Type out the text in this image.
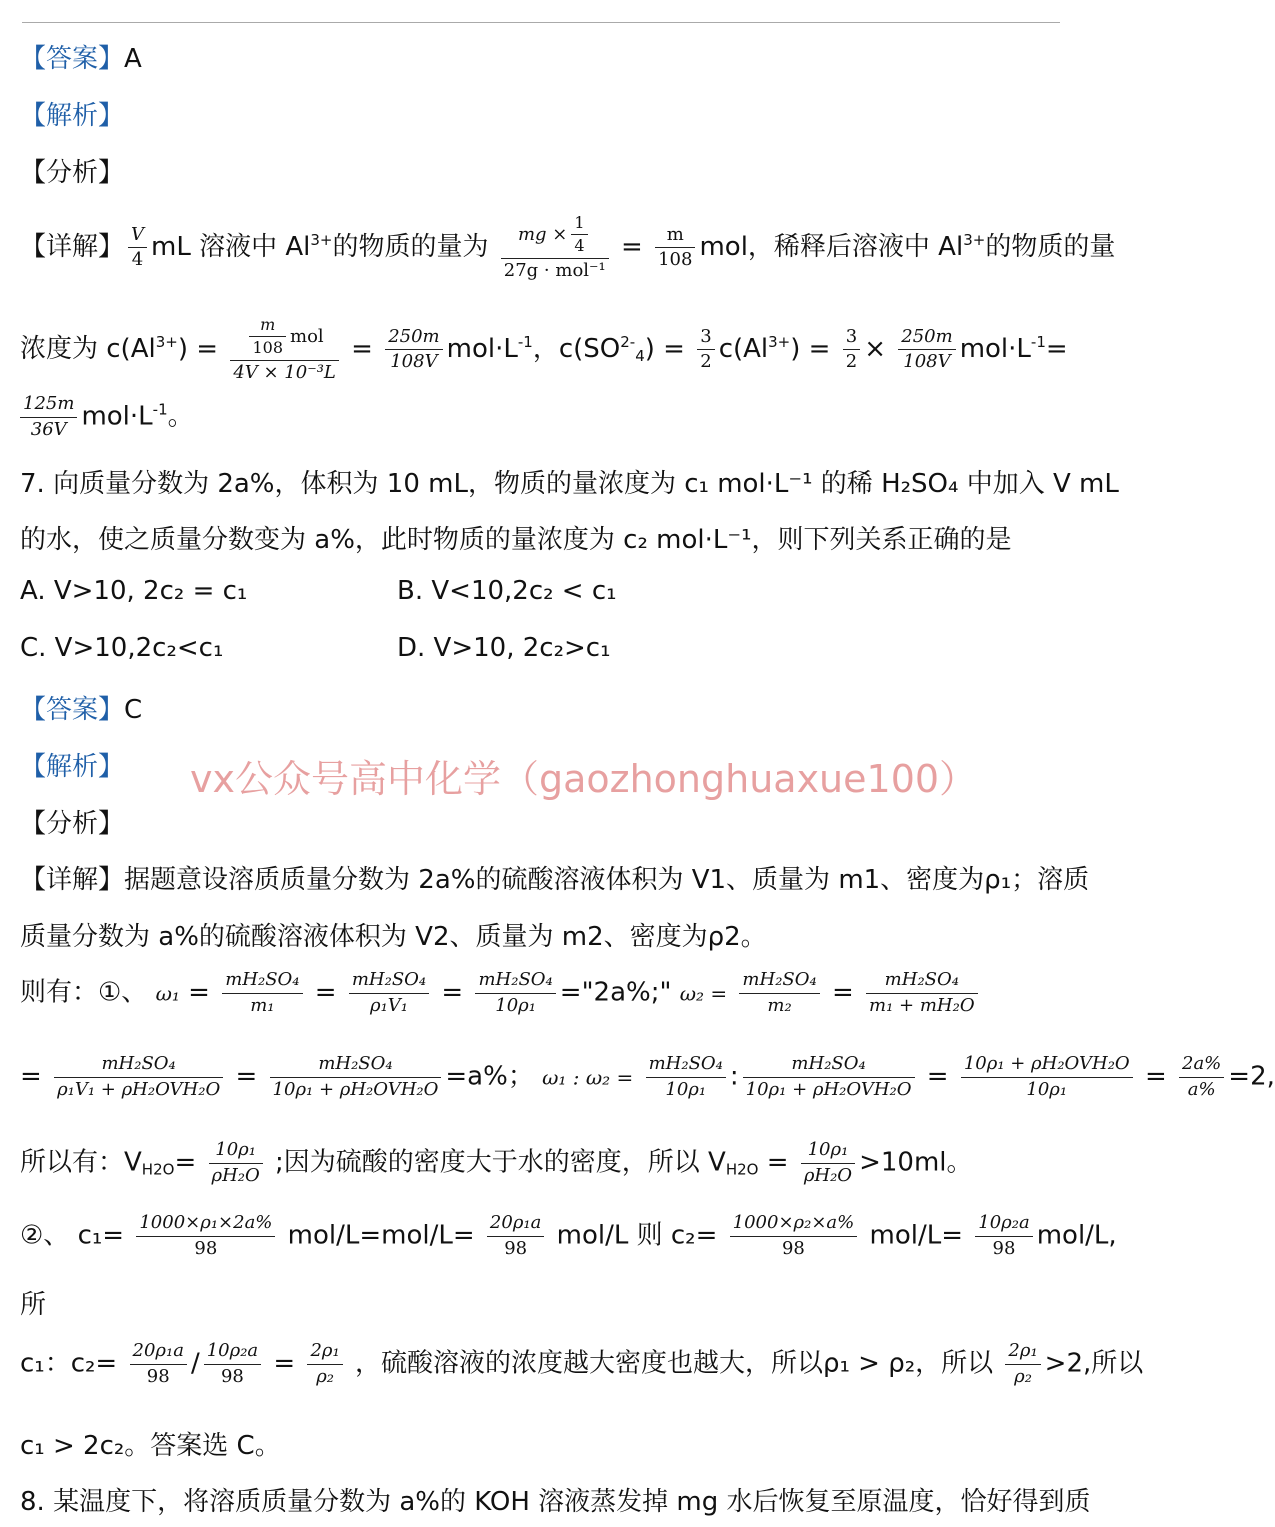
【答案】A
【解析】
【分析】
【详解】 $\frac{V}{4}$ mL 溶液中 $Al^{3+}$的物质的量为 $\frac{mg \times \frac{1}{4}}{\text{27g · mol⁻¹}} = \frac{m}{108}$ mol，稀释后溶液中 $Al^{3+}$的物质的量
浓度为 $c(Al^{3+}) = \frac{\frac{m}{108} mol}{\text{4V × 10⁻³L}} = \frac{250m}{108V} mol\cdot L^{-1}$，$c(SO^{2-}_4) = \frac{3}{2} c(Al^{3+}) = \frac{3}{2} \times \frac{250m}{108V} mol\cdot L^{-1}=$
$\frac{125m}{36V} mol\cdot L^{-1}$。
7. 向质量分数为 2a%，体积为 10 mL，物质的量浓度为 c₁ mol·L⁻¹ 的稀 H₂SO₄ 中加入 V mL
的水，使之质量分数变为 a%，此时物质的量浓度为 c₂ mol·L⁻¹，则下列关系正确的是
A. V>10, 2c₂ = c₁	B. V<10,2c₂ < c₁
C. V>10,2c₂<c₁	D. V>10, 2c₂>c₁
【答案】C
【解析】
【分析】
【详解】据题意设溶质质量分数为 2a%的硫酸溶液体积为 V1、质量为 m1、密度为ρ₁；溶质
质量分数为 a%的硫酸溶液体积为 V2、质量为 m2、密度为ρ2。
则有：①、 $\omega_1 = \frac{\text{mH₂SO₄}}{\text{m₁}} = \frac{\text{mH₂SO₄}}{\text{ρ₁V₁}} = \frac{\text{mH₂SO₄}}{\text{10ρ₁}}$ ="2a%;" $\omega_2 = \frac{\text{mH₂SO₄}}{\text{m₂}} = \frac{\text{mH₂SO₄}}{\text{m₁ + mH₂O}}$
= $\frac{\text{mH₂SO₄}}{\text{ρ₁V₁ + ρH₂OVH₂O}} = \frac{\text{mH₂SO₄}}{\text{10ρ₁ + ρH₂OVH₂O}} =a\%$； ω₁ : $\omega_2 = \frac{\text{mH₂SO₄}}{\text{10ρ₁}}$ : $\frac{\text{mH₂SO₄}}{\text{10ρ₁ + ρH₂OVH₂O}} = \frac{\text{10ρ₁ + ρH₂OVH₂O}}{\text{10ρ₁}} = \frac{2a\%}{a\%} =2$,
所以有：$V_{H2O}= \frac{\text{10ρ₁}}{\text{ρH₂O}}$ ;因为硫酸的密度大于水的密度，所以 $V_{H2O} = \frac{\text{10ρ₁}}{\text{ρH₂O}} >10ml$。
②、 $c_1= \frac{\text{1000×ρ₁×2a\%}}{98} mol/L=mol/L= \frac{\text{20ρ₁a}}{98} mol/L$ 则 $c_2= \frac{\text{1000×ρ₂×a\%}}{98} mol/L= \frac{\text{10ρ₂a}}{98} mol/L$,
所
c₁：$c_2= \frac{\text{20ρ₁a}}{98} / \frac{\text{10ρ₂a}}{98} = \frac{\text{2ρ₁}}{\text{ρ₂}}$ ，硫酸溶液的浓度越大密度也越大，所以ρ₁ > ρ₂，所以 $\frac{\text{2ρ₁}}{\text{ρ₂}} >2$,所以
c₁ > 2c₂。答案选 C。
8. 某温度下，将溶质质量分数为 a%的 KOH 溶液蒸发掉 mg 水后恢复至原温度，恰好得到质
vx公众号高中化学（gaozhonghuaxue100）
